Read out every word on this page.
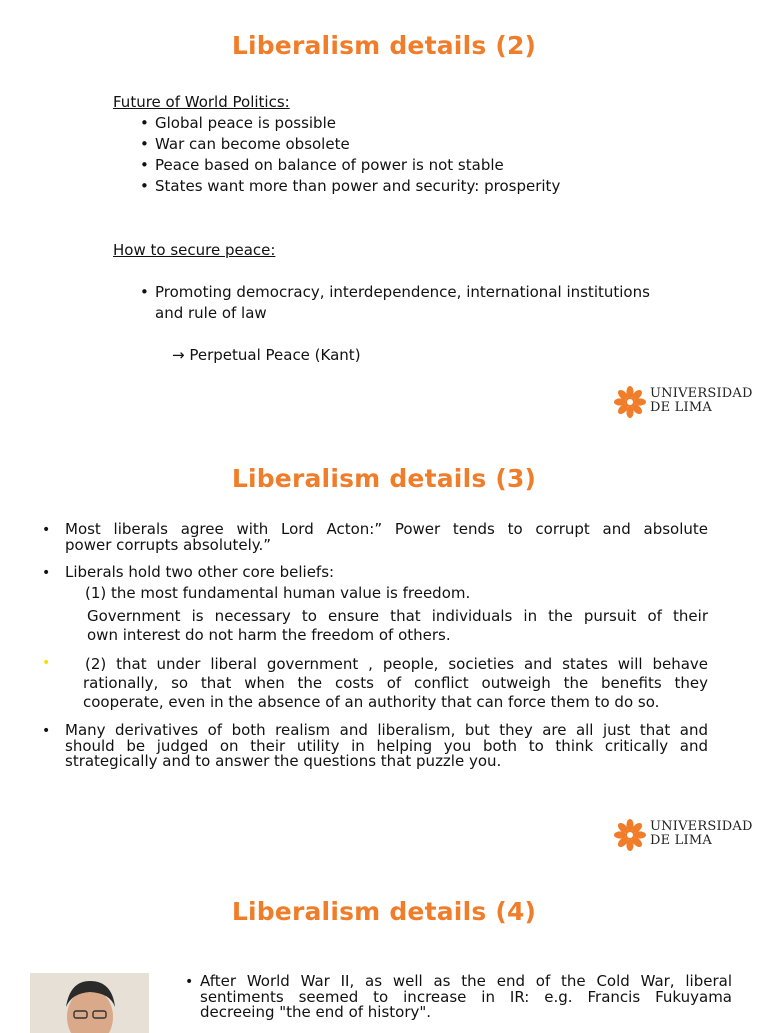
Liberalism details (2)
Future of World Politics:
• Global peace is possible
• War can become obsolete
• Peace based on balance of power is not stable
• States want more than power and security: prosperity
How to secure peace:
• Promoting democracy, interdependence, international institutions
and rule of law
→ Perpetual Peace (Kant)
UNIVERSIDAD
DE LIMA
Liberalism details (3)
• Most liberals agree with Lord Acton:” Power tends to corrupt and absolute
power corrupts absolutely.”
• Liberals hold two other core beliefs:
(1) the most fundamental human value is freedom.
Government is necessary to ensure that individuals in the pursuit of their
own interest do not harm the freedom of others.
• (2) that under liberal government , people, societies and states will behave
rationally, so that when the costs of conflict outweigh the benefits they
cooperate, even in the absence of an authority that can force them to do so.
• Many derivatives of both realism and liberalism, but they are all just that and
should be judged on their utility in helping you both to think critically and
strategically and to answer the questions that puzzle you.
UNIVERSIDAD
DE LIMA
Liberalism details (4)
• After World War II, as well as the end of the Cold War, liberal
sentiments seemed to increase in IR: e.g. Francis Fukuyama
decreeing "the end of history".
